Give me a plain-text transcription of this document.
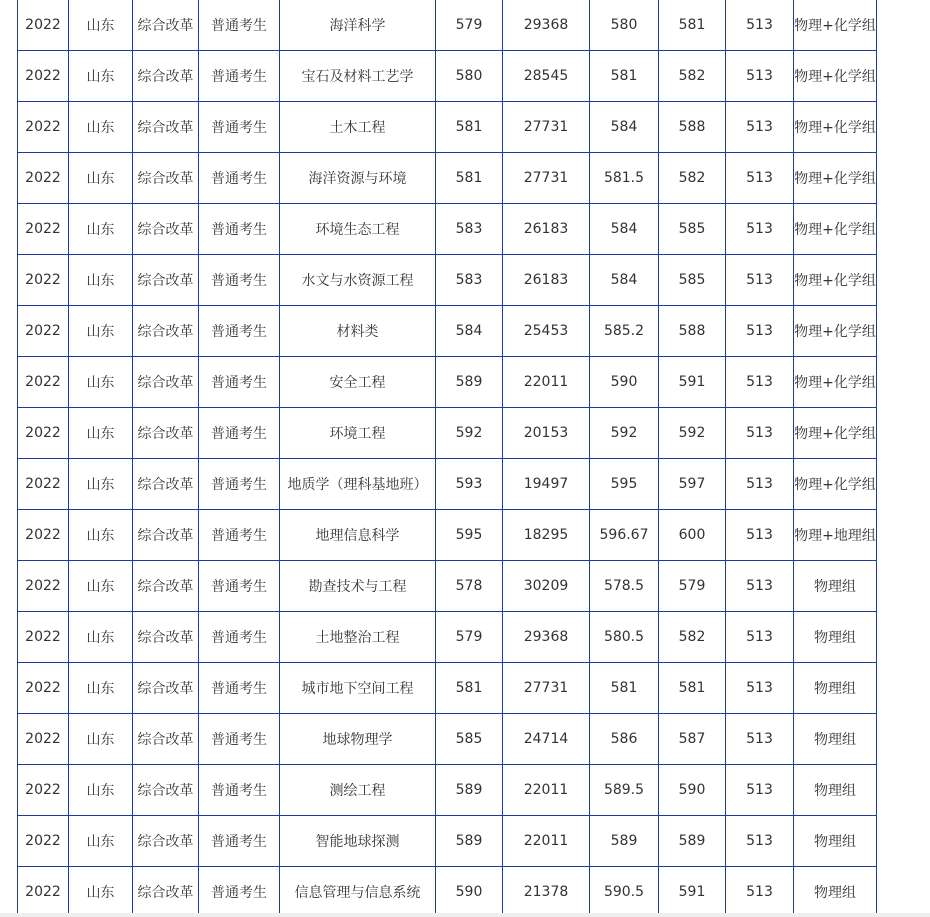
2022	山东	综合改革	普通考生	海洋科学	579	29368	580	581	513	物理+化学组
2022	山东	综合改革	普通考生	宝石及材料工艺学	580	28545	581	582	513	物理+化学组
2022	山东	综合改革	普通考生	土木工程	581	27731	584	588	513	物理+化学组
2022	山东	综合改革	普通考生	海洋资源与环境	581	27731	581.5	582	513	物理+化学组
2022	山东	综合改革	普通考生	环境生态工程	583	26183	584	585	513	物理+化学组
2022	山东	综合改革	普通考生	水文与水资源工程	583	26183	584	585	513	物理+化学组
2022	山东	综合改革	普通考生	材料类	584	25453	585.2	588	513	物理+化学组
2022	山东	综合改革	普通考生	安全工程	589	22011	590	591	513	物理+化学组
2022	山东	综合改革	普通考生	环境工程	592	20153	592	592	513	物理+化学组
2022	山东	综合改革	普通考生	地质学（理科基地班）	593	19497	595	597	513	物理+化学组
2022	山东	综合改革	普通考生	地理信息科学	595	18295	596.67	600	513	物理+地理组
2022	山东	综合改革	普通考生	勘查技术与工程	578	30209	578.5	579	513	物理组
2022	山东	综合改革	普通考生	土地整治工程	579	29368	580.5	582	513	物理组
2022	山东	综合改革	普通考生	城市地下空间工程	581	27731	581	581	513	物理组
2022	山东	综合改革	普通考生	地球物理学	585	24714	586	587	513	物理组
2022	山东	综合改革	普通考生	测绘工程	589	22011	589.5	590	513	物理组
2022	山东	综合改革	普通考生	智能地球探测	589	22011	589	589	513	物理组
2022	山东	综合改革	普通考生	信息管理与信息系统	590	21378	590.5	591	513	物理组
